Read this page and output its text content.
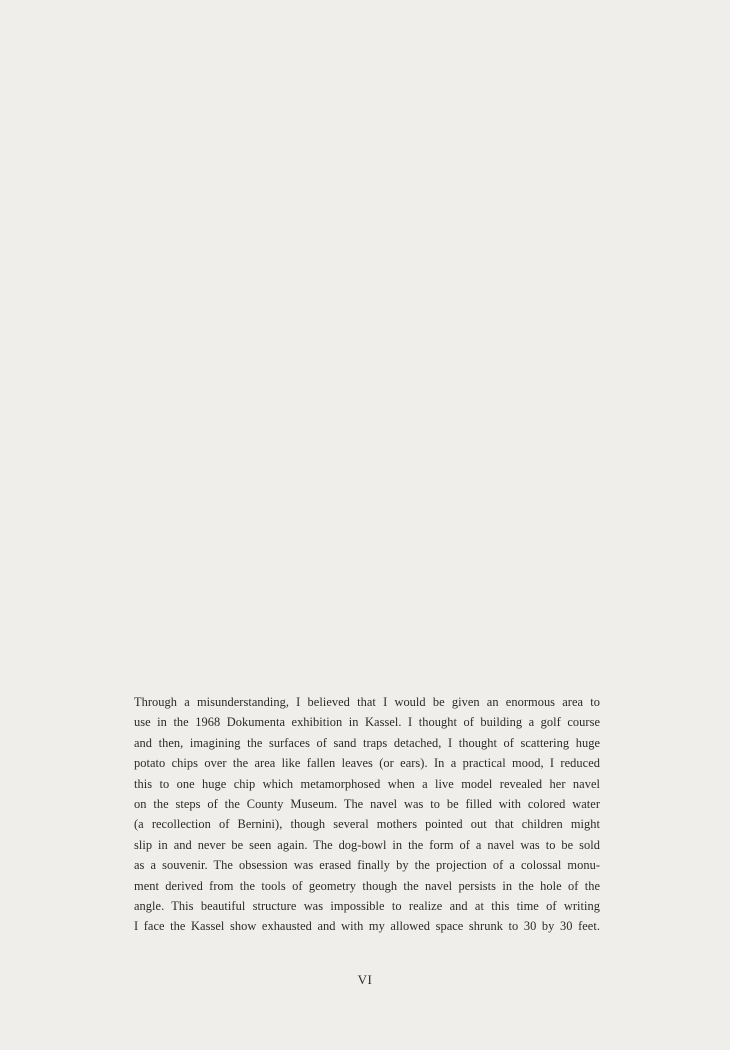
Through a misunderstanding, I believed that I would be given an enormous area to
use in the 1968 Dokumenta exhibition in Kassel. I thought of building a golf course
and then, imagining the surfaces of sand traps detached, I thought of scattering huge
potato chips over the area like fallen leaves (or ears). In a practical mood, I reduced
this to one huge chip which metamorphosed when a live model revealed her navel
on the steps of the County Museum. The navel was to be filled with colored water
(a recollection of Bernini), though several mothers pointed out that children might
slip in and never be seen again. The dog-bowl in the form of a navel was to be sold
as a souvenir. The obsession was erased finally by the projection of a colossal monu-
ment derived from the tools of geometry though the navel persists in the hole of the
angle. This beautiful structure was impossible to realize and at this time of writing
I face the Kassel show exhausted and with my allowed space shrunk to 30 by 30 feet.
VI
